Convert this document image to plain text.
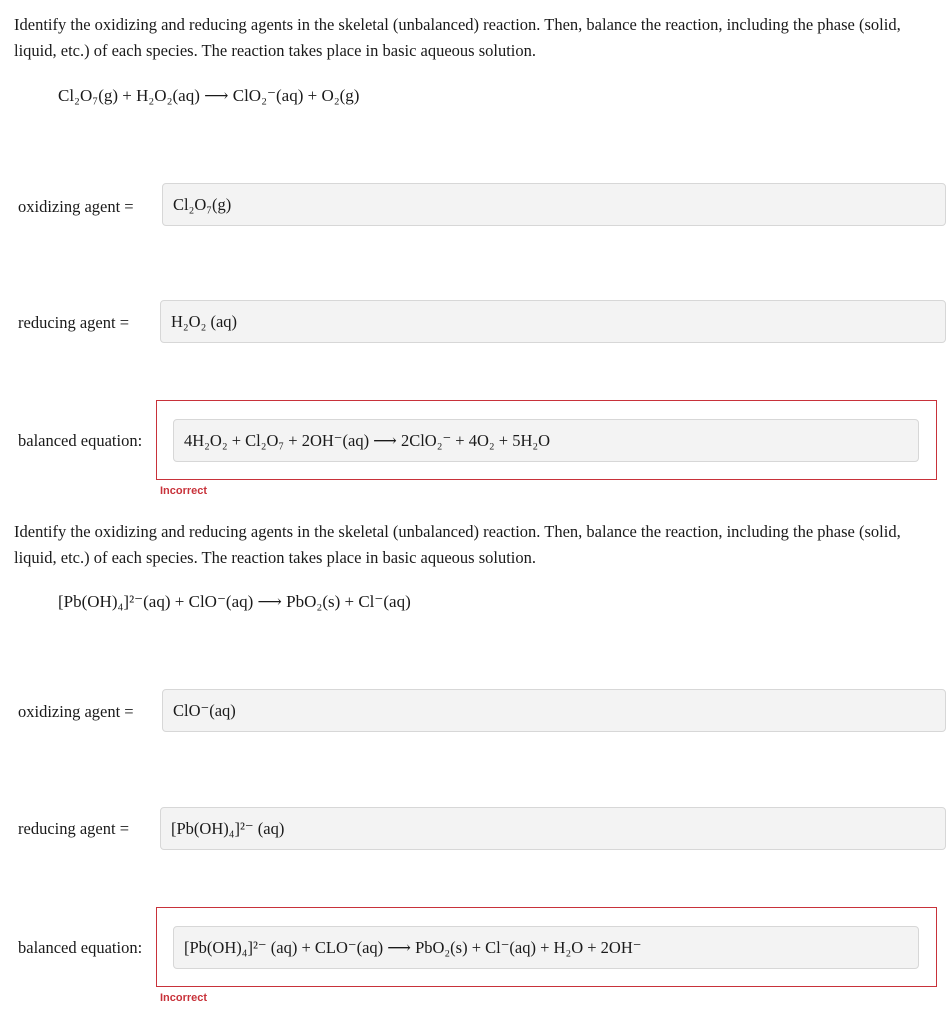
Identify the oxidizing and reducing agents in the skeletal (unbalanced) reaction. Then, balance the reaction, including the phase (solid, liquid, etc.) of each species. The reaction takes place in basic aqueous solution.
Cl₂O₇(g) + H₂O₂(aq) ⟶ ClO₂⁻(aq) + O₂(g)
oxidizing agent = Cl₂O₇(g)
reducing agent =	H₂O₂ (aq)
balanced equation:	4H₂O₂ + Cl₂O₇ + 2OH⁻(aq) ⟶ 2ClO₂⁻ + 4O₂ + 5H₂O
Incorrect
Identify the oxidizing and reducing agents in the skeletal (unbalanced) reaction. Then, balance the reaction, including the phase (solid, liquid, etc.) of each species. The reaction takes place in basic aqueous solution.
[Pb(OH)₄]²⁻(aq) + ClO⁻(aq) ⟶ PbO₂(s) + Cl⁻(aq)
oxidizing agent = ClO⁻(aq)
reducing agent =	[Pb(OH)₄]²⁻ (aq)
balanced equation:	[Pb(OH)₄]²⁻ (aq) + CLO⁻(aq) ⟶ PbO₂(s) + Cl⁻(aq) + H₂O + 2OH⁻
Incorrect
